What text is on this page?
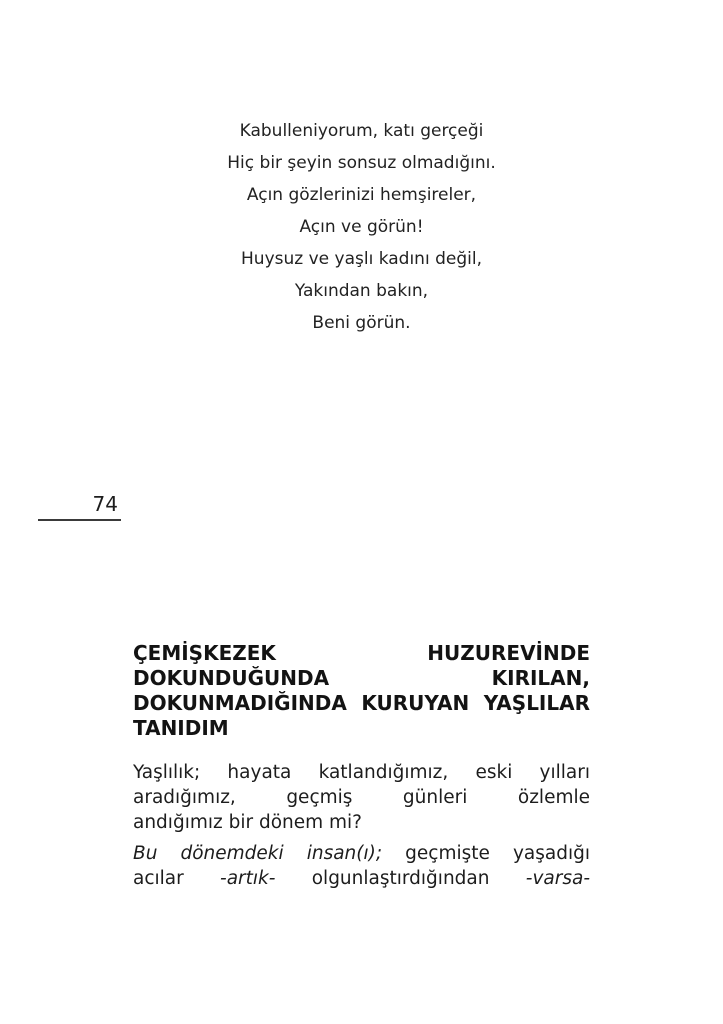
Kabulleniyorum, katı gerçeği
Hiç bir şeyin sonsuz olmadığını.
Açın gözlerinizi hemşireler,
Açın ve görün!
Huysuz ve yaşlı kadını değil,
Yakından bakın,
Beni görün.
74
ÇEMİŞKEZEK HUZUREVİNDE
DOKUNDUĞUNDA KIRILAN,
DOKUNMADIĞINDA KURUYAN YAŞLILAR
TANIDIM
Yaşlılık; hayata katlandığımız, eski yılları
aradığımız, geçmiş günleri özlemle
andığımız bir dönem mi?
Bu dönemdeki insan(ı); geçmişte yaşadığı
acılar -artık- olgunlaştırdığından -varsa-
